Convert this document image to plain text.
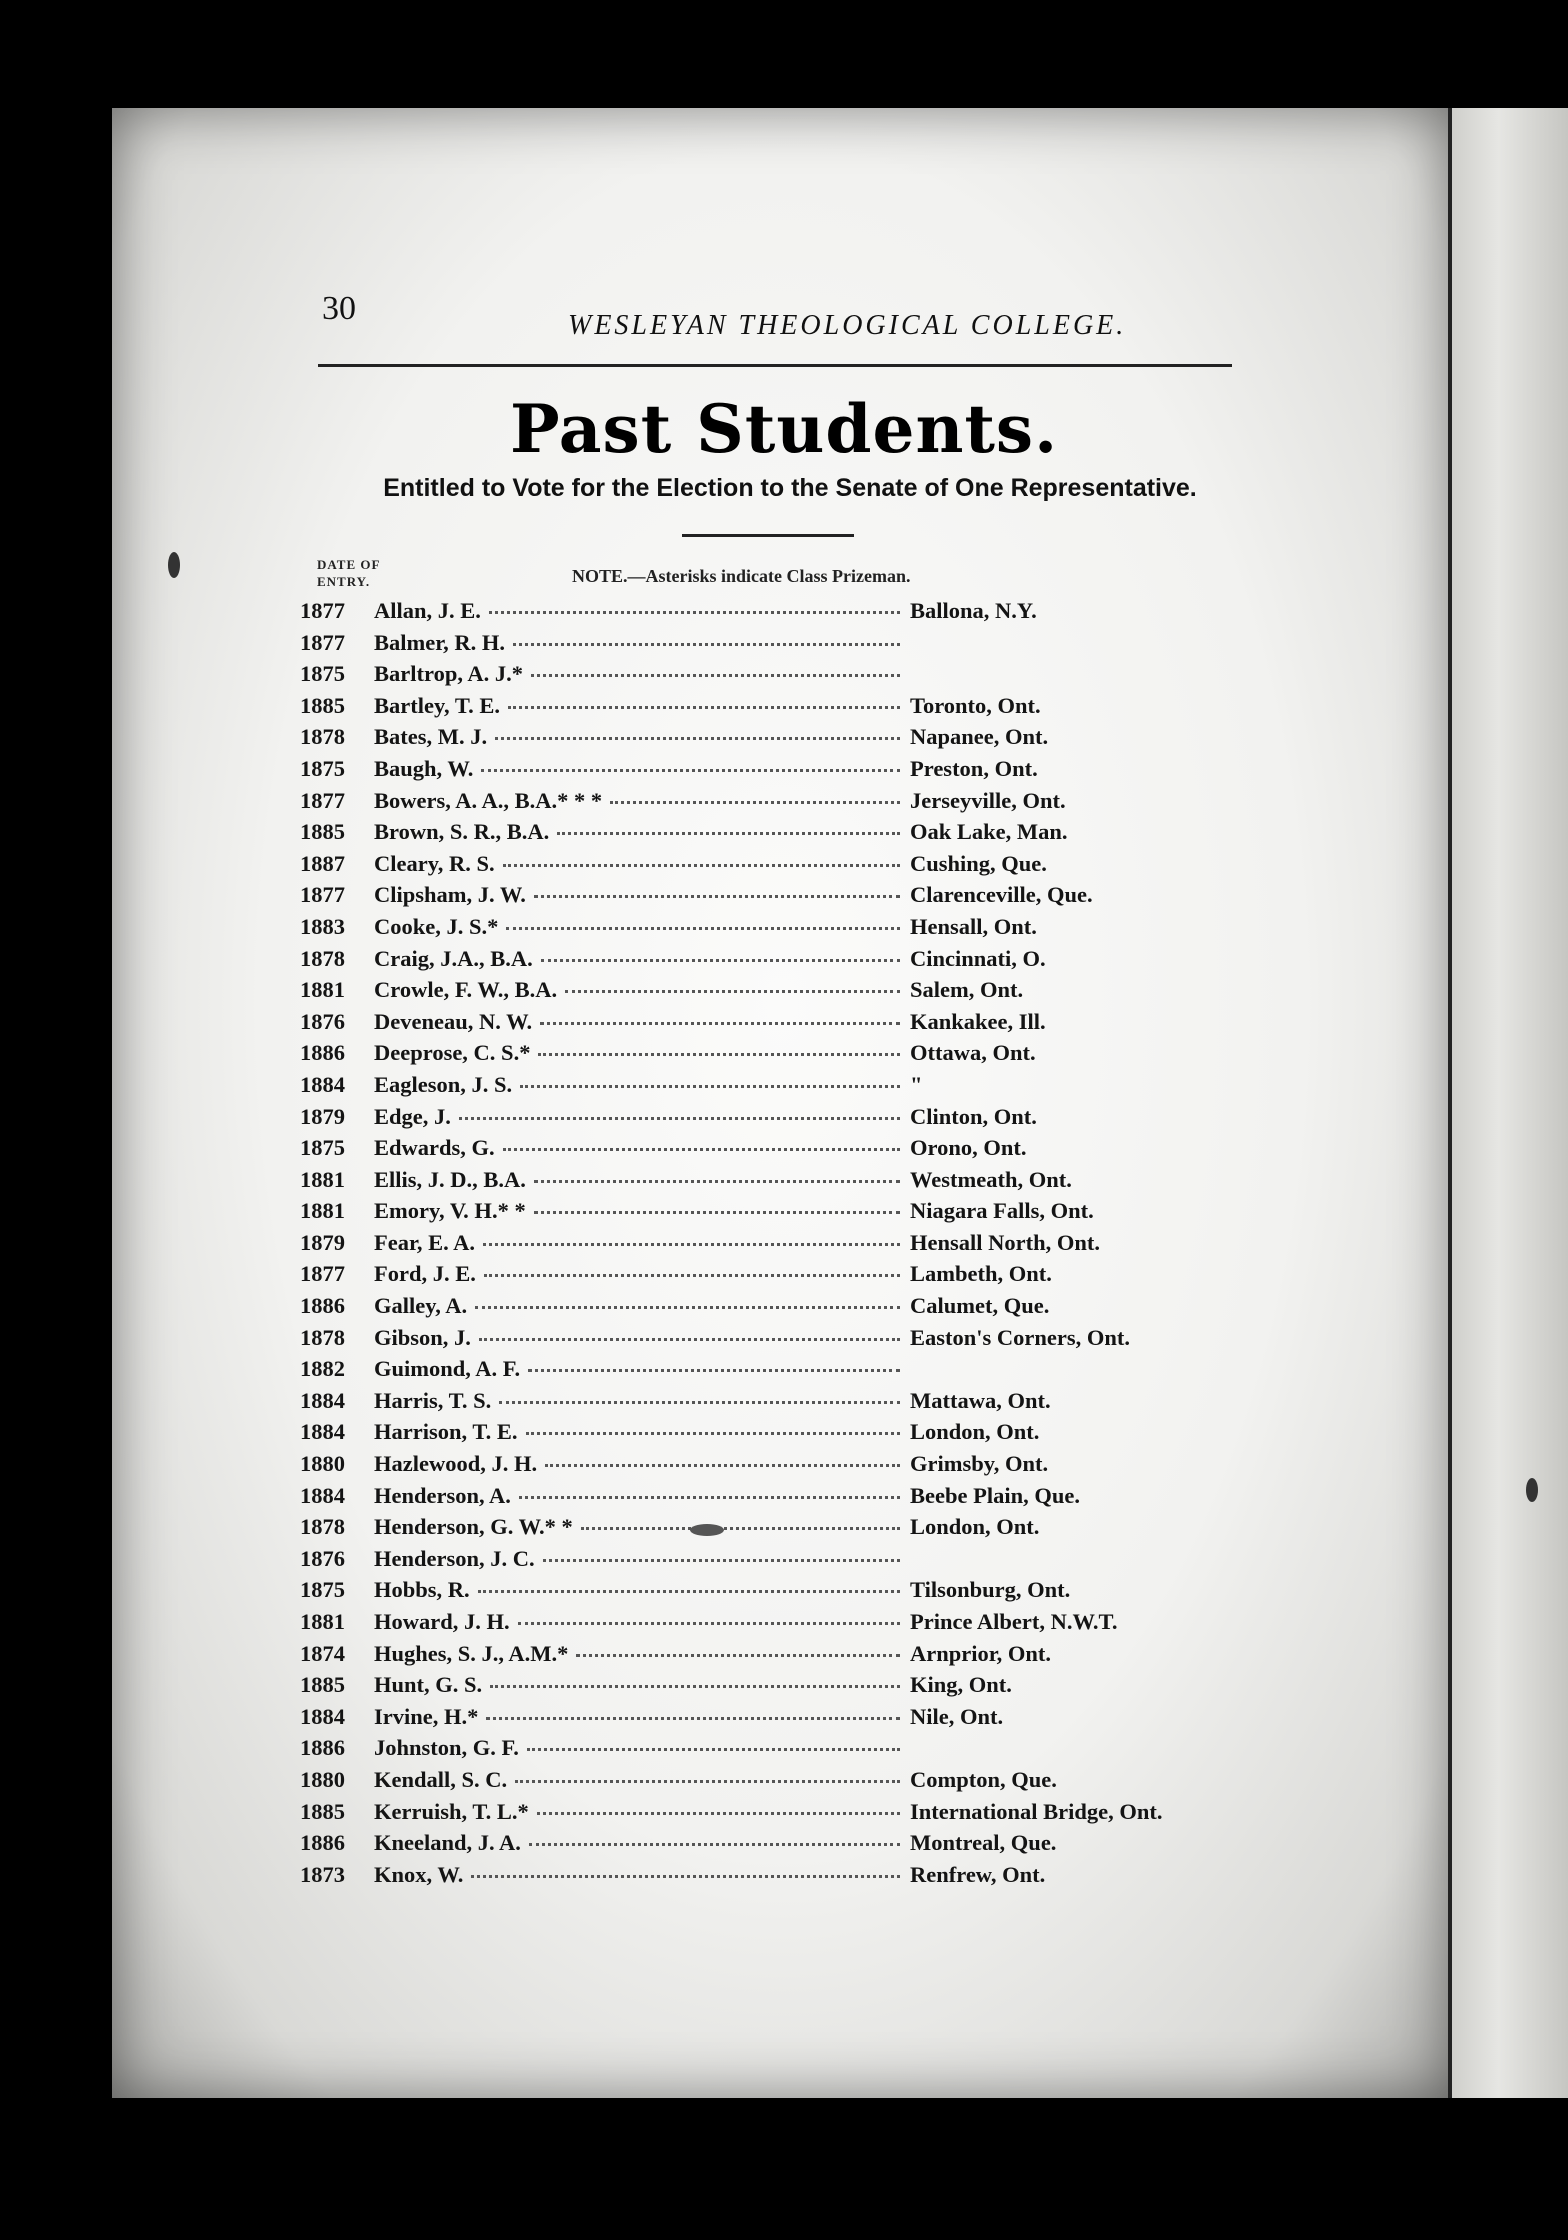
30	WESLEYAN THEOLOGICAL COLLEGE.
Past Students.
Entitled to Vote for the Election to the Senate of One Representative.
DATE OF ENTRY.	NOTE.—Asterisks indicate Class Prizeman.
1877	Allan, J. E.	Ballona, N.Y.
1877	Balmer, R. H.
1875	Barltrop, A. J.*
1885	Bartley, T. E.	Toronto, Ont.
1878	Bates, M. J.	Napanee, Ont.
1875	Baugh, W.	Preston, Ont.
1877	Bowers, A. A., B.A.* * *	Jerseyville, Ont.
1885	Brown, S. R., B.A.	Oak Lake, Man.
1887	Cleary, R. S.	Cushing, Que.
1877	Clipsham, J. W.	Clarenceville, Que.
1883	Cooke, J. S.*	Hensall, Ont.
1878	Craig, J.A., B.A.	Cincinnati, O.
1881	Crowle, F. W., B.A.	Salem, Ont.
1876	Deveneau, N. W.	Kankakee, Ill.
1886	Deeprose, C. S.*	Ottawa, Ont.
1884	Eagleson, J. S.	"
1879	Edge, J.	Clinton, Ont.
1875	Edwards, G.	Orono, Ont.
1881	Ellis, J. D., B.A.	Westmeath, Ont.
1881	Emory, V. H.* *	Niagara Falls, Ont.
1879	Fear, E. A.	Hensall North, Ont.
1877	Ford, J. E.	Lambeth, Ont.
1886	Galley, A.	Calumet, Que.
1878	Gibson, J.	Easton's Corners, Ont.
1882	Guimond, A. F.
1884	Harris, T. S.	Mattawa, Ont.
1884	Harrison, T. E.	London, Ont.
1880	Hazlewood, J. H.	Grimsby, Ont.
1884	Henderson, A.	Beebe Plain, Que.
1878	Henderson, G. W.* *	London, Ont.
1876	Henderson, J. C.
1875	Hobbs, R.	Tilsonburg, Ont.
1881	Howard, J. H.	Prince Albert, N.W.T.
1874	Hughes, S. J., A.M.*	Arnprior, Ont.
1885	Hunt, G. S.	King, Ont.
1884	Irvine, H.*	Nile, Ont.
1886	Johnston, G. F.
1880	Kendall, S. C.	Compton, Que.
1885	Kerruish, T. L.*	International Bridge, Ont.
1886	Kneeland, J. A.	Montreal, Que.
1873	Knox, W.	Renfrew, Ont.
